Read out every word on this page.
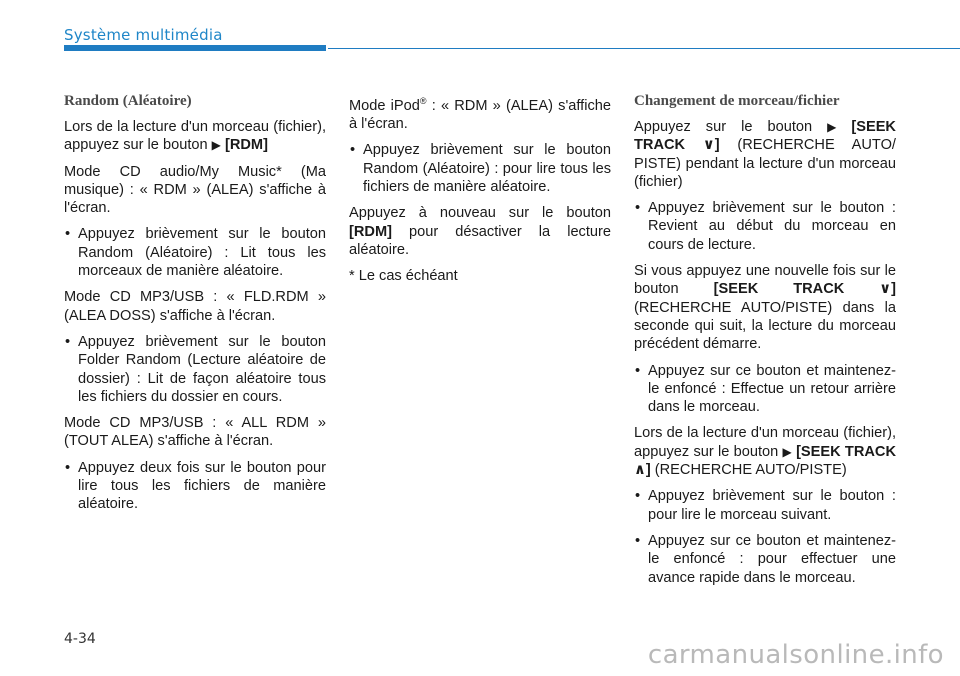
Système multimédia
Random (Aléatoire)

Lors de la lecture d'un morceau (fichier), appuyez sur le bouton ▶ [RDM]

Mode CD audio/My Music* (Ma musique) : « RDM » (ALEA) s'affiche à l'écran.

• Appuyez brièvement sur le bouton Random (Aléatoire) : Lit tous les morceaux de manière aléatoire.

Mode CD MP3/USB : « FLD.RDM » (ALEA DOSS) s'affiche à l'écran.

• Appuyez brièvement sur le bouton Folder Random (Lecture aléatoire de dossier) : Lit de façon aléatoire tous les fichiers du dossier en cours.

Mode CD MP3/USB : « ALL RDM » (TOUT ALEA) s'affiche à l'écran.

• Appuyez deux fois sur le bouton pour lire tous les fichiers de manière aléatoire.

Mode iPod® : « RDM » (ALEA) s'affiche à l'écran.

• Appuyez brièvement sur le bouton Random (Aléatoire) : pour lire tous les fichiers de manière aléatoire.

Appuyez à nouveau sur le bouton [RDM] pour désactiver la lecture aléatoire.

* Le cas échéant

Changement de morceau/fichier

Appuyez sur le bouton ▶ [SEEK TRACK ∨] (RECHERCHE AUTO/ PISTE) pendant la lecture d'un morceau (fichier)

• Appuyez brièvement sur le bouton : Revient au début du morceau en cours de lecture.

Si vous appuyez une nouvelle fois sur le bouton [SEEK TRACK ∨] (RECHERCHE AUTO/PISTE) dans la seconde qui suit, la lecture du morceau précédent démarre.

• Appuyez sur ce bouton et maintenez-le enfoncé : Effectue un retour arrière dans le morceau.

Lors de la lecture d'un morceau (fichier), appuyez sur le bouton ▶ [SEEK TRACK ∧] (RECHERCHE AUTO/PISTE)

• Appuyez brièvement sur le bouton : pour lire le morceau suivant.
• Appuyez sur ce bouton et maintenez-le enfoncé : pour effectuer une avance rapide dans le morceau.
4-34
carmanualsonline.info
